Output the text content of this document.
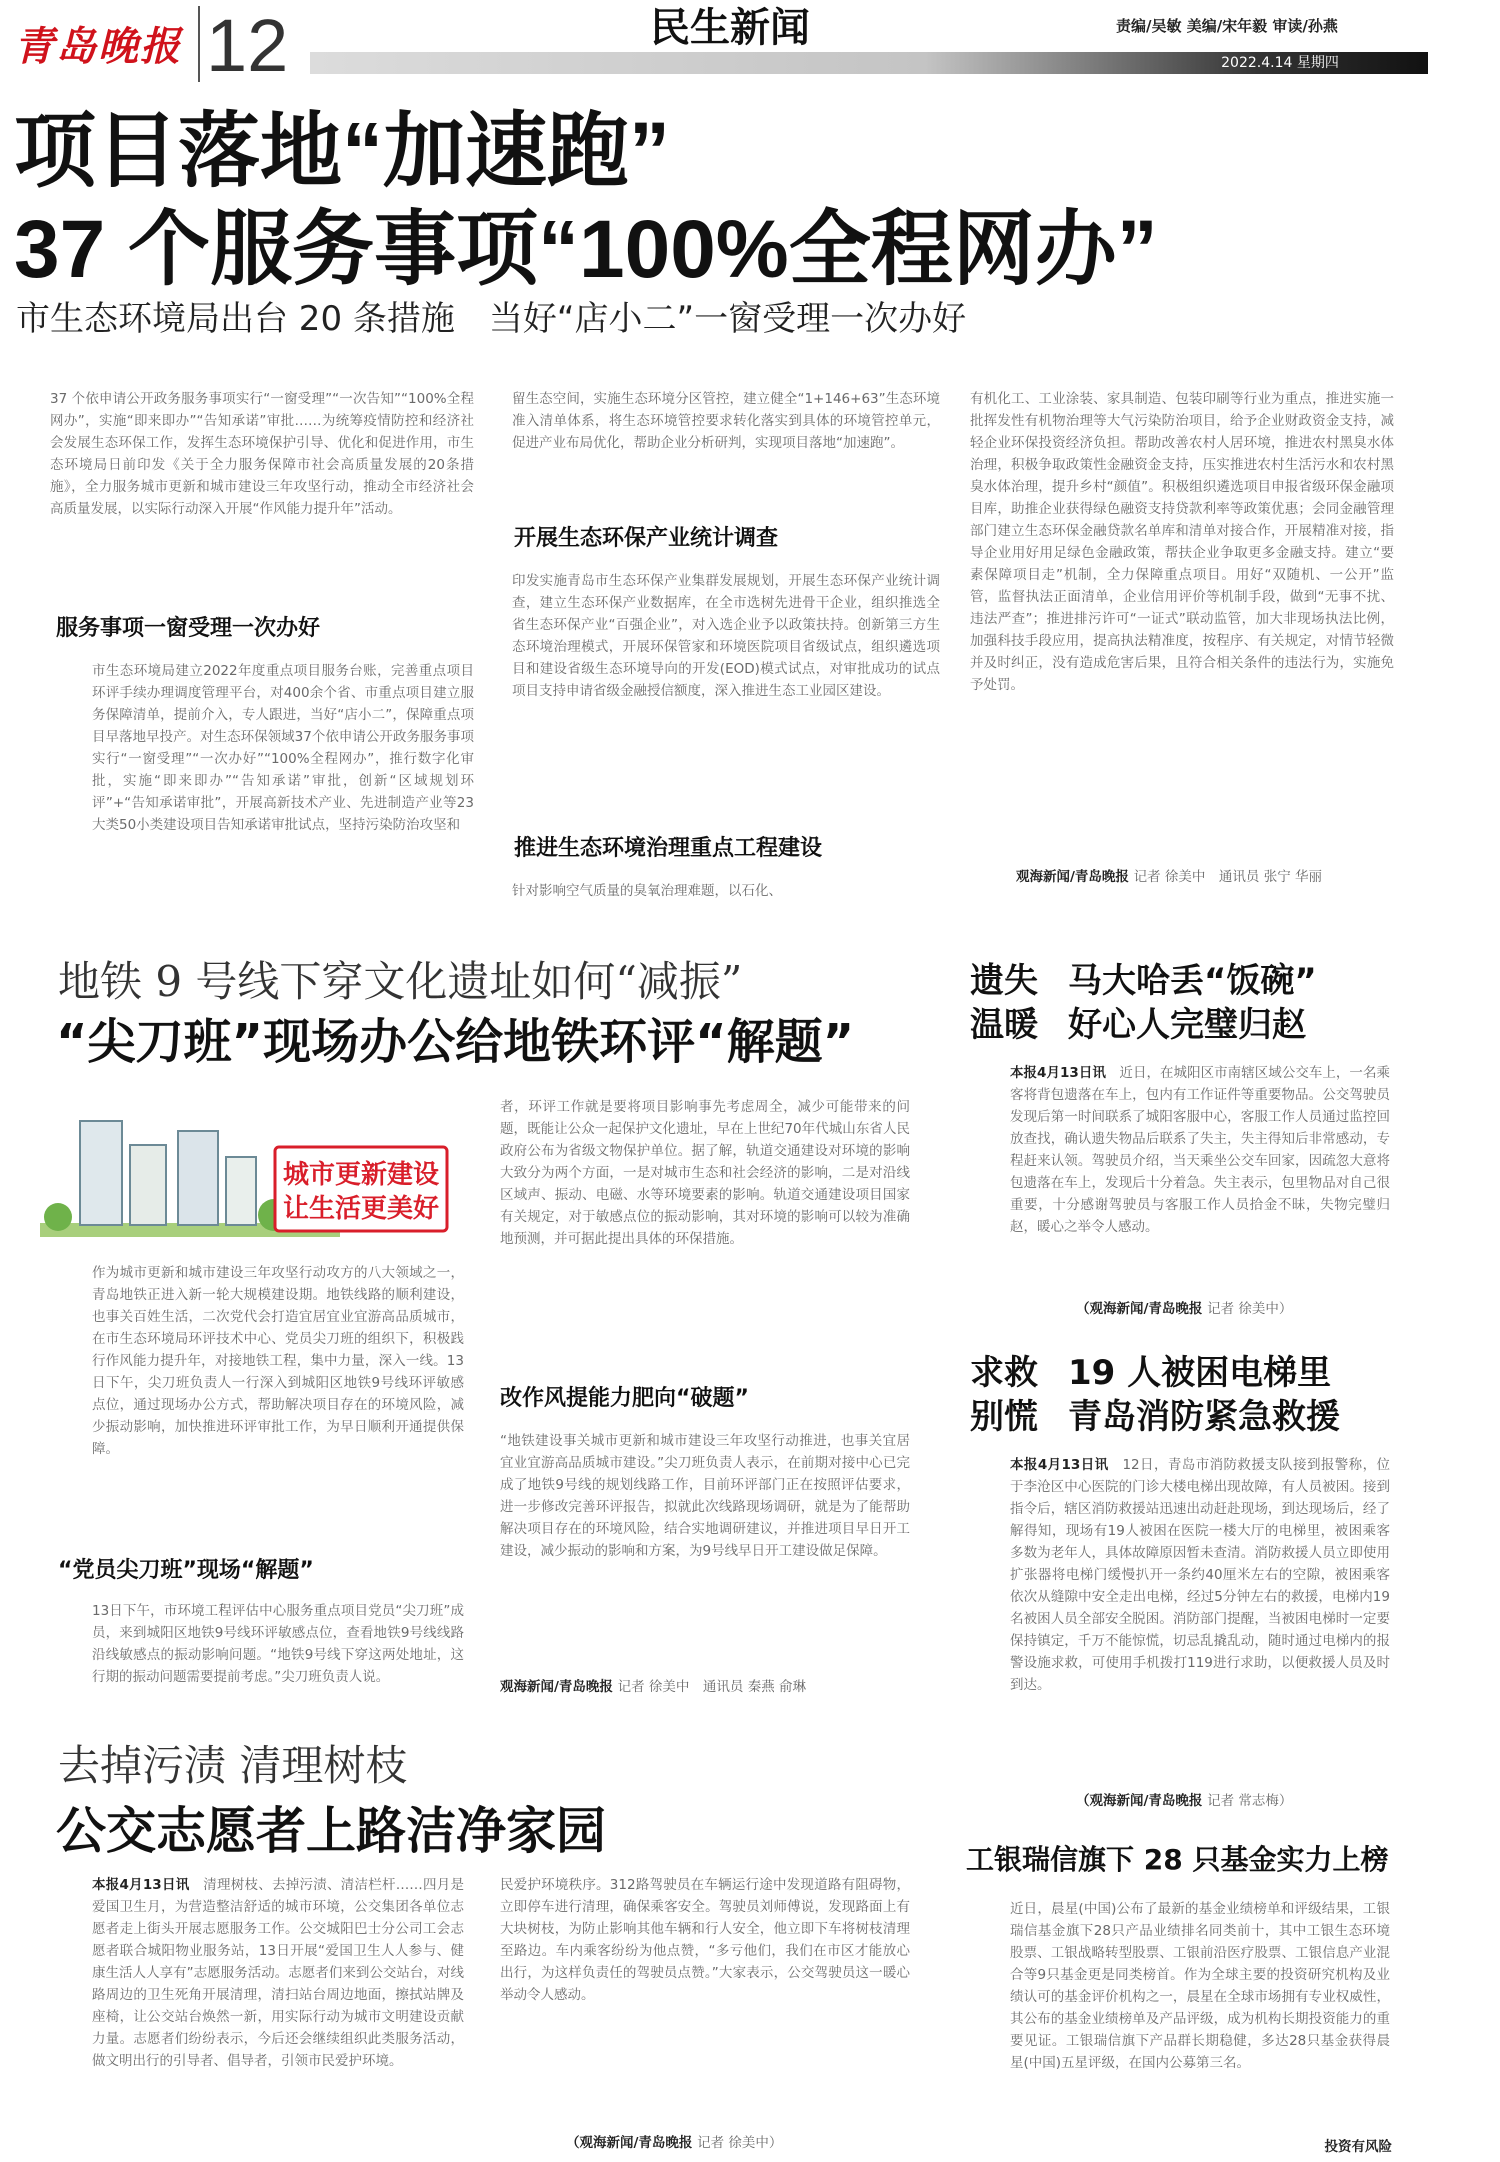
青岛晚报 12	民生新闻	责编/吴敏 美编/宋年毅 审读/孙燕
2022.4.14 星期四
项目落地“加速跑”
37 个服务事项“100%全程网办”
市生态环境局出台 20 条措施　当好“店小二”一窗受理一次办好
37 个依申请公开政务服务事项实行“一窗受理”“一次告知”“100%全程网办”，实施“即来即办”“告知承诺”审批……为统筹疫情防控和经济社会发展生态环保工作，发挥生态环境保护引导、优化和促进作用，市生态环境局日前印发《关于全力服务保障市社会高质量发展的20条措施》，全力服务城市更新和城市建设三年攻坚行动，推动全市经济社会高质量发展，以实际行动深入开展“作风能力提升年”活动。
服务事项一窗受理一次办好
市生态环境局建立2022年度重点项目服务台账，完善重点项目环评手续办理调度管理平台，对400余个省、市重点项目建立服务保障清单，提前介入，专人跟进，当好“店小二”，保障重点项目早落地早投产。对生态环保领域37个依申请公开政务服务事项实行“一窗受理”“一次办好”“100%全程网办”，推行数字化审批，实施“即来即办”“告知承诺”审批，创新“区域规划环评”+“告知承诺审批”，开展高新技术产业、先进制造产业等23大类50小类建设项目告知承诺审批试点，坚持污染防治攻坚和
留生态空间，实施生态环境分区管控，建立健全“1+146+63”生态环境准入清单体系，将生态环境管控要求转化落实到具体的环境管控单元，促进产业布局优化，帮助企业分析研判，实现项目落地“加速跑”。
开展生态环保产业统计调查
印发实施青岛市生态环保产业集群发展规划，开展生态环保产业统计调查，建立生态环保产业数据库，在全市选树先进骨干企业，组织推选全省生态环保产业“百强企业”，对入选企业予以政策扶持。创新第三方生态环境治理模式，开展环保管家和环境医院项目省级试点，组织遴选项目和建设省级生态环境导向的开发(EOD)模式试点，对审批成功的试点项目支持申请省级金融授信额度，深入推进生态工业园区建设。
推进生态环境治理重点工程建设
针对影响空气质量的臭氧治理难题，以石化、
有机化工、工业涂装、家具制造、包装印刷等行业为重点，推进实施一批挥发性有机物治理等大气污染防治项目，给予企业财政资金支持，减轻企业环保投资经济负担。帮助改善农村人居环境，推进农村黑臭水体治理，积极争取政策性金融资金支持，压实推进农村生活污水和农村黑臭水体治理，提升乡村“颜值”。积极组织遴选项目申报省级环保金融项目库，助推企业获得绿色融资支持贷款利率等政策优惠；会同金融管理部门建立生态环保金融贷款名单库和清单对接合作，开展精准对接，指导企业用好用足绿色金融政策，帮扶企业争取更多金融支持。建立“要素保障项目走”机制，全力保障重点项目。用好“双随机、一公开”监管，监督执法正面清单，企业信用评价等机制手段，做到“无事不扰、违法严查”；推进排污许可“一证式”联动监管，加大非现场执法比例，加强科技手段应用，提高执法精准度，按程序、有关规定，对情节轻微并及时纠正，没有造成危害后果，且符合相关条件的违法行为，实施免予处罚。
观海新闻/青岛晚报 记者 徐美中　通讯员 张宁 华丽
地铁 9 号线下穿文化遗址如何“减振”
“尖刀班”现场办公给地铁环评“解题”
城市更新建设
让生活更美好
作为城市更新和城市建设三年攻坚行动攻方的八大领域之一，青岛地铁正进入新一轮大规模建设期。地铁线路的顺利建设，也事关百姓生活，二次党代会打造宜居宜业宜游高品质城市，在市生态环境局环评技术中心、党员尖刀班的组织下，积极践行作风能力提升年，对接地铁工程，集中力量，深入一线。13日下午，尖刀班负责人一行深入到城阳区地铁9号线环评敏感点位，通过现场办公方式，帮助解决项目存在的环境风险，减少振动影响，加快推进环评审批工作，为早日顺利开通提供保障。
“党员尖刀班”现场“解题”
13日下午，市环境工程评估中心服务重点项目党员“尖刀班”成员，来到城阳区地铁9号线环评敏感点位，查看地铁9号线线路沿线敏感点的振动影响问题。“地铁9号线下穿这两处地址，这行期的振动问题需要提前考虑。”尖刀班负责人说。
者，环评工作就是要将项目影响事先考虑周全，减少可能带来的问题，既能让公众一起保护文化遗址，早在上世纪70年代城山东省人民政府公布为省级文物保护单位。据了解，轨道交通建设对环境的影响大致分为两个方面，一是对城市生态和社会经济的影响，二是对沿线区域声、振动、电磁、水等环境要素的影响。轨道交通建设项目国家有关规定，对于敏感点位的振动影响，其对环境的影响可以较为准确地预测，并可据此提出具体的环保措施。
改作风提能力肥向“破题”
“地铁建设事关城市更新和城市建设三年攻坚行动推进，也事关宜居宜业宜游高品质城市建设。”尖刀班负责人表示，在前期对接中心已完成了地铁9号线的规划线路工作，目前环评部门正在按照评估要求，进一步修改完善环评报告，拟就此次线路现场调研，就是为了能帮助解决项目存在的环境风险，结合实地调研建议，并推进项目早日开工建设，减少振动的影响和方案，为9号线早日开工建设做足保障。
观海新闻/青岛晚报 记者 徐美中　通讯员 秦燕 俞琳
遗失 马大哈丢“饭碗”
温暖 好心人完璧归赵
本报4月13日讯　 近日，在城阳区市南辖区域公交车上，一名乘客将背包遗落在车上，包内有工作证件等重要物品。公交驾驶员发现后第一时间联系了城阳客服中心，客服工作人员通过监控回放查找，确认遗失物品后联系了失主，失主得知后非常感动，专程赶来认领。驾驶员介绍，当天乘坐公交车回家，因疏忽大意将包遗落在车上，发现后十分着急。失主表示，包里物品对自己很重要，十分感谢驾驶员与客服工作人员拾金不昧，失物完璧归赵，暖心之举令人感动。
（观海新闻/青岛晚报 记者 徐美中）
求救 19 人被困电梯里
别慌 青岛消防紧急救援
本报4月13日讯　 12日，青岛市消防救援支队接到报警称，位于李沧区中心医院的门诊大楼电梯出现故障，有人员被困。接到指令后，辖区消防救援站迅速出动赶赴现场，到达现场后，经了解得知，现场有19人被困在医院一楼大厅的电梯里，被困乘客多数为老年人，具体故障原因暂未查清。消防救援人员立即使用扩张器将电梯门缓慢扒开一条约40厘米左右的空隙，被困乘客依次从缝隙中安全走出电梯，经过5分钟左右的救援，电梯内19名被困人员全部安全脱困。消防部门提醒，当被困电梯时一定要保持镇定，千万不能惊慌，切忌乱撬乱动，随时通过电梯内的报警设施求救，可使用手机拨打119进行求助，以便救援人员及时到达。
（观海新闻/青岛晚报 记者 常志梅）
去掉污渍 清理树枝
公交志愿者上路洁净家园
本报4月13日讯　 清理树枝、去掉污渍、清洁栏杆……四月是爱国卫生月，为营造整洁舒适的城市环境，公交集团各单位志愿者走上街头开展志愿服务工作。公交城阳巴士分公司工会志愿者联合城阳物业服务站，13日开展“爱国卫生人人参与、健康生活人人享有”志愿服务活动。志愿者们来到公交站台，对线路周边的卫生死角开展清理，清扫站台周边地面，擦拭站牌及座椅，让公交站台焕然一新，用实际行动为城市文明建设贡献力量。志愿者们纷纷表示，今后还会继续组织此类服务活动，做文明出行的引导者、倡导者，引领市民爱护环境。
民爱护环境秩序。312路驾驶员在车辆运行途中发现道路有阻碍物，立即停车进行清理，确保乘客安全。驾驶员刘师傅说，发现路面上有大块树枝，为防止影响其他车辆和行人安全，他立即下车将树枝清理至路边。车内乘客纷纷为他点赞，“多亏他们，我们在市区才能放心出行，为这样负责任的驾驶员点赞。”大家表示，公交驾驶员这一暖心举动令人感动。
（观海新闻/青岛晚报 记者 徐美中）
工银瑞信旗下 28 只基金实力上榜
近日，晨星(中国)公布了最新的基金业绩榜单和评级结果，工银瑞信基金旗下28只产品业绩排名同类前十，其中工银生态环境股票、工银战略转型股票、工银前沿医疗股票、工银信息产业混合等9只基金更是同类榜首。作为全球主要的投资研究机构及业绩认可的基金评价机构之一，晨星在全球市场拥有专业权威性，其公布的基金业绩榜单及产品评级，成为机构长期投资能力的重要见证。工银瑞信旗下产品群长期稳健，多达28只基金获得晨星(中国)五星评级，在国内公募第三名。
投资有风险
